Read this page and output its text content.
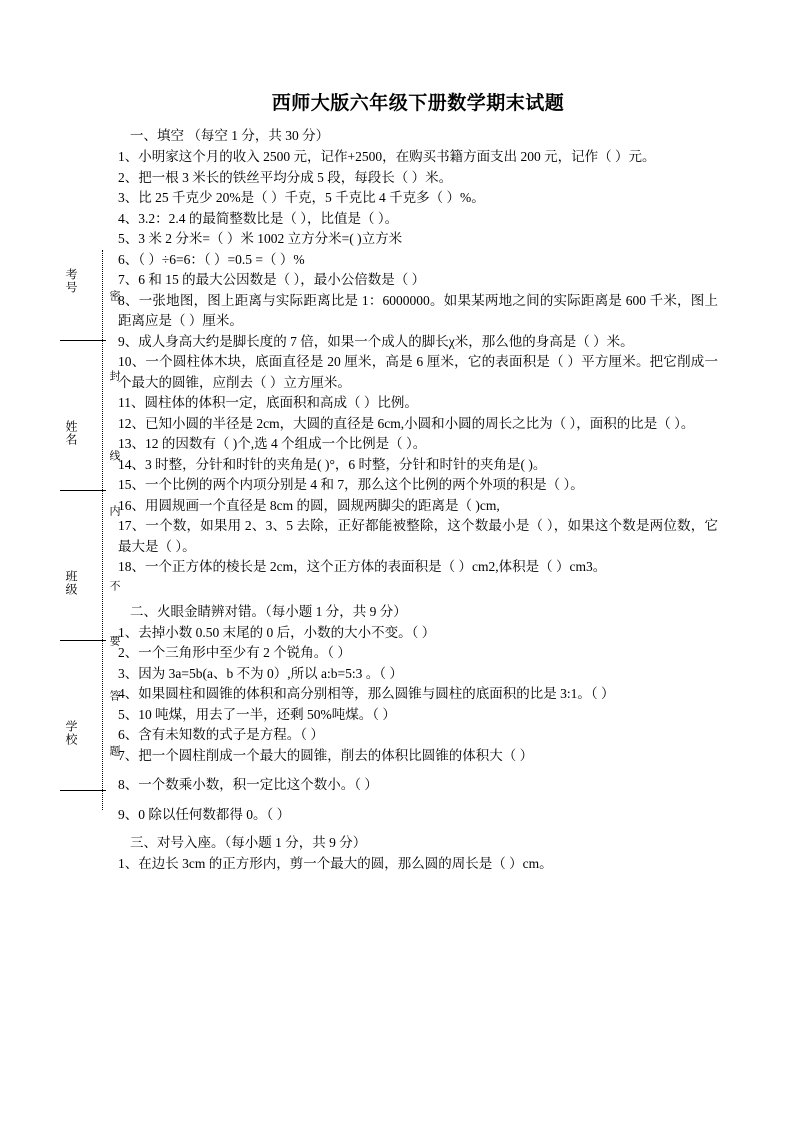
考号
姓名
班级
学校
密
封
线
内
不
要
答
题
西师大版六年级下册数学期末试题
一、填空 （每空 1 分，共 30 分）

1、小明家这个月的收入 2500 元，记作+2500，在购买书籍方面支出 200 元，记作（ ）元。

2、把一根 3 米长的铁丝平均分成 5 段，每段长（ ）米。

3、比 25 千克少 20%是（ ）千克，5 千克比 4 千克多（ ）%。

4、3.2：2.4 的最简整数比是（ ），比值是（ ）。

5、3 米 2 分米=（ ）米 1002 立方分米=( )立方米

6、（ ）÷6=6：（ ）=0.5 =（ ）%

7、6 和 15 的最大公因数是（ ），最小公倍数是（ ）

8、一张地图，图上距离与实际距离比是 1：6000000。如果某两地之间的实际距离是 600 千米，图上距离应是（ ）厘米。

9、成人身高大约是脚长度的 7 倍，如果一个成人的脚长χ米，那么他的身高是（ ）米。

10、一个圆柱体木块，底面直径是 20 厘米，高是 6 厘米，它的表面积是（ ）平方厘米。把它削成一个最大的圆锥，应削去（ ）立方厘米。

11、圆柱体的体积一定，底面积和高成（ ）比例。

12、已知小圆的半径是 2cm，大圆的直径是 6cm,小圆和小圆的周长之比为（ ），面积的比是（ ）。

13、12 的因数有（ )个,选 4 个组成一个比例是（ ）。

14、3 时整，分针和时针的夹角是( )°，6 时整，分针和时针的夹角是( )。

15、一个比例的两个内项分别是 4 和 7，那么这个比例的两个外项的积是（ ）。

16、用圆规画一个直径是 8cm 的圆，圆规两脚尖的距离是（ )cm,

17、一个数，如果用 2、3、5 去除，正好都能被整除，这个数最小是（ ），如果这个数是两位数，它最大是（ ）。

18、一个正方体的棱长是 2cm，这个正方体的表面积是（ ）cm2,体积是（ ）cm3。

二、火眼金睛辨对错。（每小题 1 分，共 9 分）

1、去掉小数 0.50 末尾的 0 后，小数的大小不变。（ ）

2、一个三角形中至少有 2 个锐角。（ ）

3、因为 3a=5b(a、b 不为 0）,所以 a:b=5:3 。（ ）

4、如果圆柱和圆锥的体积和高分别相等，那么圆锥与圆柱的底面积的比是 3:1。（ ）

5、10 吨煤，用去了一半，还剩 50%吨煤。（ ）

6、含有未知数的式子是方程。（ ）

7、把一个圆柱削成一个最大的圆锥，削去的体积比圆锥的体积大（ ）

8、一个数乘小数，积一定比这个数小。（ ）

9、0 除以任何数都得 0。（ ）

三、对号入座。（每小题 1 分，共 9 分）

1、在边长 3cm 的正方形内，剪一个最大的圆，那么圆的周长是（ ）cm。
